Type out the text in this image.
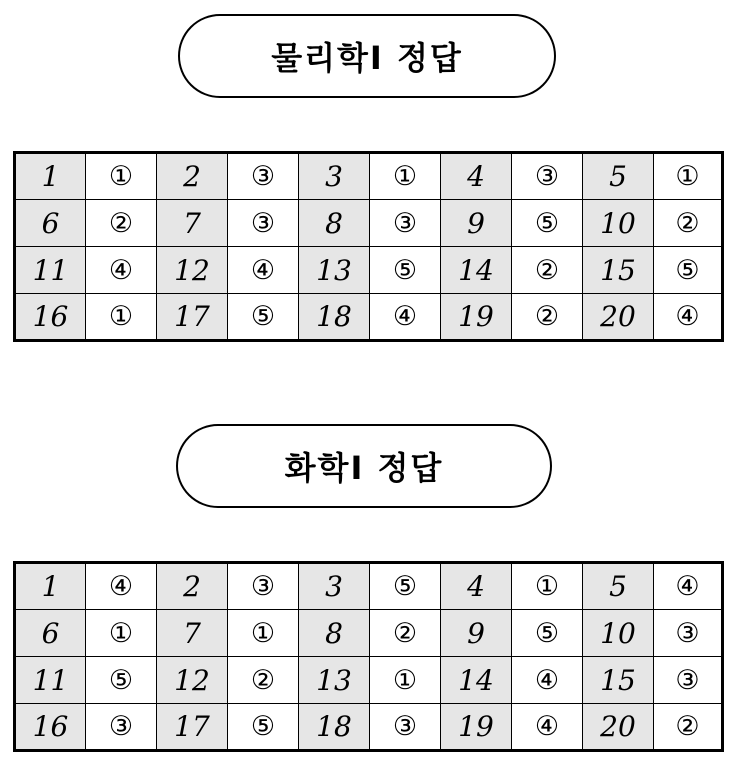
물리학Ⅰ 정답
1	①	2	③	3	①	4	③	5	①
6	②	7	③	8	③	9	⑤	10	②
11	④	12	④	13	⑤	14	②	15	⑤
16	①	17	⑤	18	④	19	②	20	④
화학Ⅰ 정답
1	④	2	③	3	⑤	4	①	5	④
6	①	7	①	8	②	9	⑤	10	③
11	⑤	12	②	13	①	14	④	15	③
16	③	17	⑤	18	③	19	④	20	②
